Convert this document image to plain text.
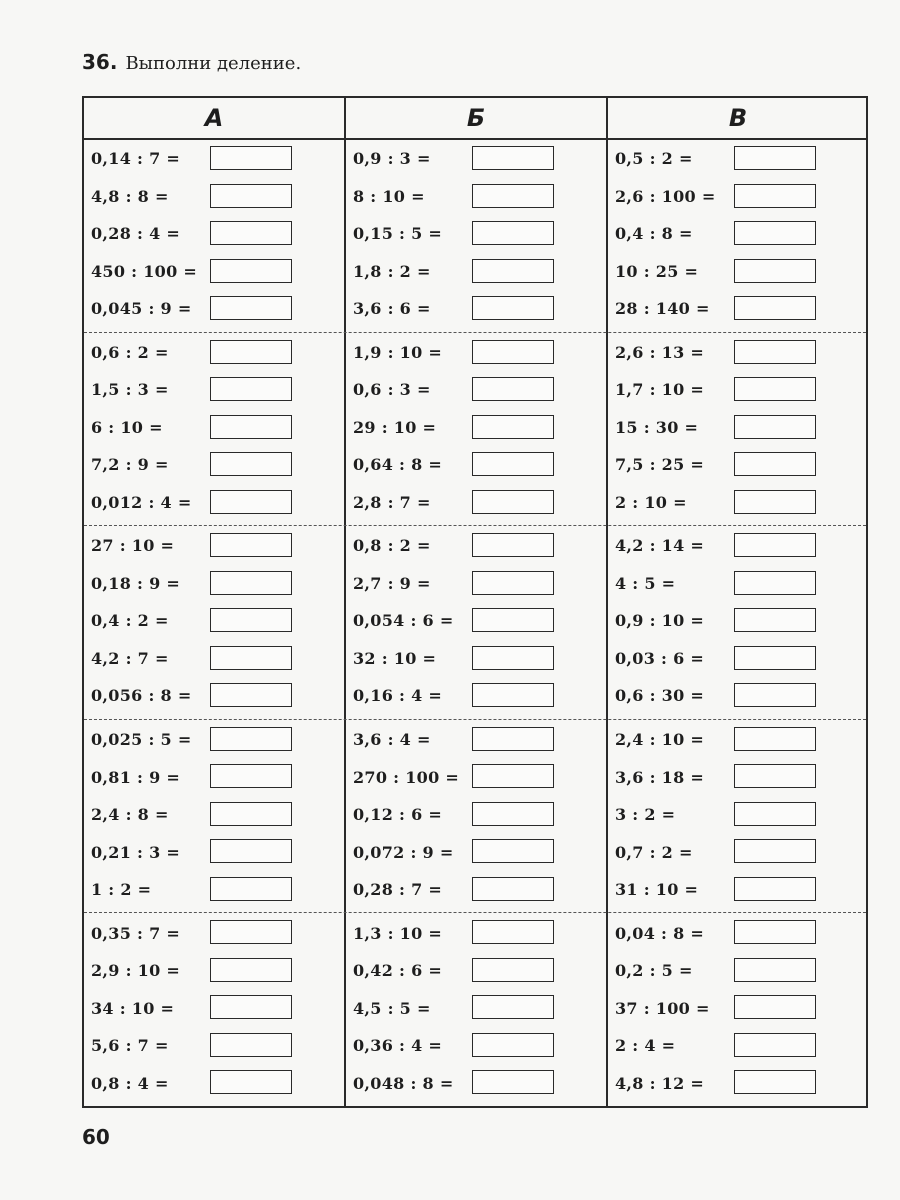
36. Выполни деление.
А	Б	В
0,14 : 7 =
4,8 : 8 =
0,28 : 4 =
450 : 100 =
0,045 : 9 =
0,9 : 3 =
8 : 10 =
0,15 : 5 =
1,8 : 2 =
3,6 : 6 =
0,5 : 2 =
2,6 : 100 =
0,4 : 8 =
10 : 25 =
28 : 140 =
0,6 : 2 =
1,5 : 3 =
6 : 10 =
7,2 : 9 =
0,012 : 4 =
1,9 : 10 =
0,6 : 3 =
29 : 10 =
0,64 : 8 =
2,8 : 7 =
2,6 : 13 =
1,7 : 10 =
15 : 30 =
7,5 : 25 =
2 : 10 =
27 : 10 =
0,18 : 9 =
0,4 : 2 =
4,2 : 7 =
0,056 : 8 =
0,8 : 2 =
2,7 : 9 =
0,054 : 6 =
32 : 10 =
0,16 : 4 =
4,2 : 14 =
4 : 5 =
0,9 : 10 =
0,03 : 6 =
0,6 : 30 =
0,025 : 5 =
0,81 : 9 =
2,4 : 8 =
0,21 : 3 =
1 : 2 =
3,6 : 4 =
270 : 100 =
0,12 : 6 =
0,072 : 9 =
0,28 : 7 =
2,4 : 10 =
3,6 : 18 =
3 : 2 =
0,7 : 2 =
31 : 10 =
0,35 : 7 =
2,9 : 10 =
34 : 10 =
5,6 : 7 =
0,8 : 4 =
1,3 : 10 =
0,42 : 6 =
4,5 : 5 =
0,36 : 4 =
0,048 : 8 =
0,04 : 8 =
0,2 : 5 =
37 : 100 =
2 : 4 =
4,8 : 12 =
60
